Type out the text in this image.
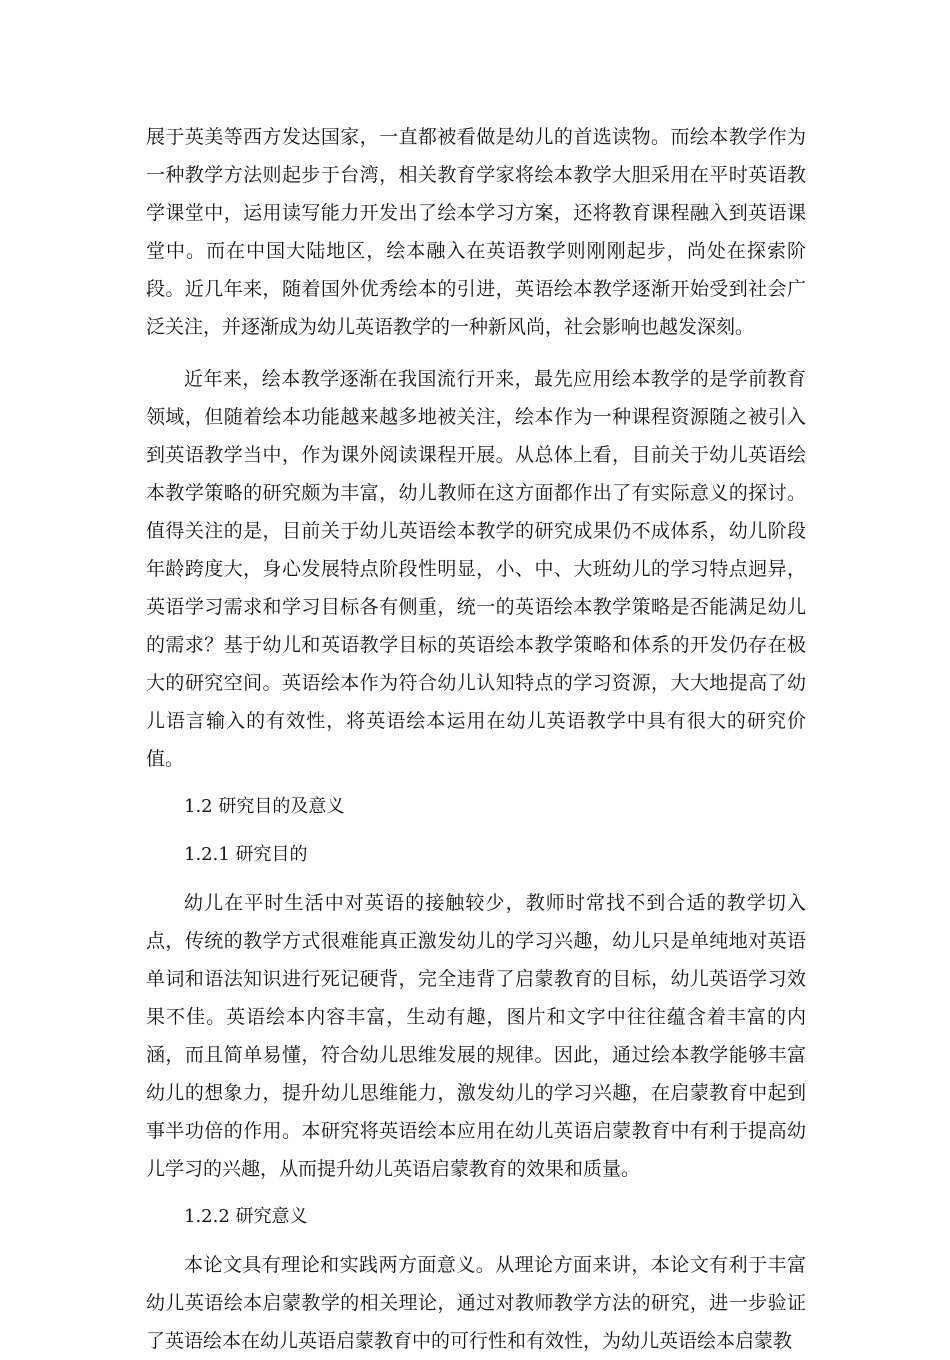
展于英美等西方发达国家，一直都被看做是幼儿的首选读物。而绘本教学作为一种教学方法则起步于台湾，相关教育学家将绘本教学大胆采用在平时英语教学课堂中，运用读写能力开发出了绘本学习方案，还将教育课程融入到英语课堂中。而在中国大陆地区，绘本融入在英语教学则刚刚起步，尚处在探索阶段。近几年来，随着国外优秀绘本的引进，英语绘本教学逐渐开始受到社会广泛关注，并逐渐成为幼儿英语教学的一种新风尚，社会影响也越发深刻。

近年来，绘本教学逐渐在我国流行开来，最先应用绘本教学的是学前教育领域，但随着绘本功能越来越多地被关注，绘本作为一种课程资源随之被引入到英语教学当中，作为课外阅读课程开展。从总体上看，目前关于幼儿英语绘本教学策略的研究颇为丰富，幼儿教师在这方面都作出了有实际意义的探讨。值得关注的是，目前关于幼儿英语绘本教学的研究成果仍不成体系，幼儿阶段年龄跨度大，身心发展特点阶段性明显，小、中、大班幼儿的学习特点迥异，英语学习需求和学习目标各有侧重，统一的英语绘本教学策略是否能满足幼儿的需求？基于幼儿和英语教学目标的英语绘本教学策略和体系的开发仍存在极大的研究空间。英语绘本作为符合幼儿认知特点的学习资源，大大地提高了幼儿语言输入的有效性，将英语绘本运用在幼儿英语教学中具有很大的研究价值。

1.2 研究目的及意义

1.2.1 研究目的

幼儿在平时生活中对英语的接触较少，教师时常找不到合适的教学切入点，传统的教学方式很难能真正激发幼儿的学习兴趣，幼儿只是单纯地对英语单词和语法知识进行死记硬背，完全违背了启蒙教育的目标，幼儿英语学习效果不佳。英语绘本内容丰富，生动有趣，图片和文字中往往蕴含着丰富的内涵，而且简单易懂，符合幼儿思维发展的规律。因此，通过绘本教学能够丰富幼儿的想象力，提升幼儿思维能力，激发幼儿的学习兴趣，在启蒙教育中起到事半功倍的作用。本研究将英语绘本应用在幼儿英语启蒙教育中有利于提高幼儿学习的兴趣，从而提升幼儿英语启蒙教育的效果和质量。

1.2.2 研究意义

本论文具有理论和实践两方面意义。从理论方面来讲，本论文有利于丰富幼儿英语绘本启蒙教学的相关理论，通过对教师教学方法的研究，进一步验证了英语绘本在幼儿英语启蒙教育中的可行性和有效性，为幼儿英语绘本启蒙教
